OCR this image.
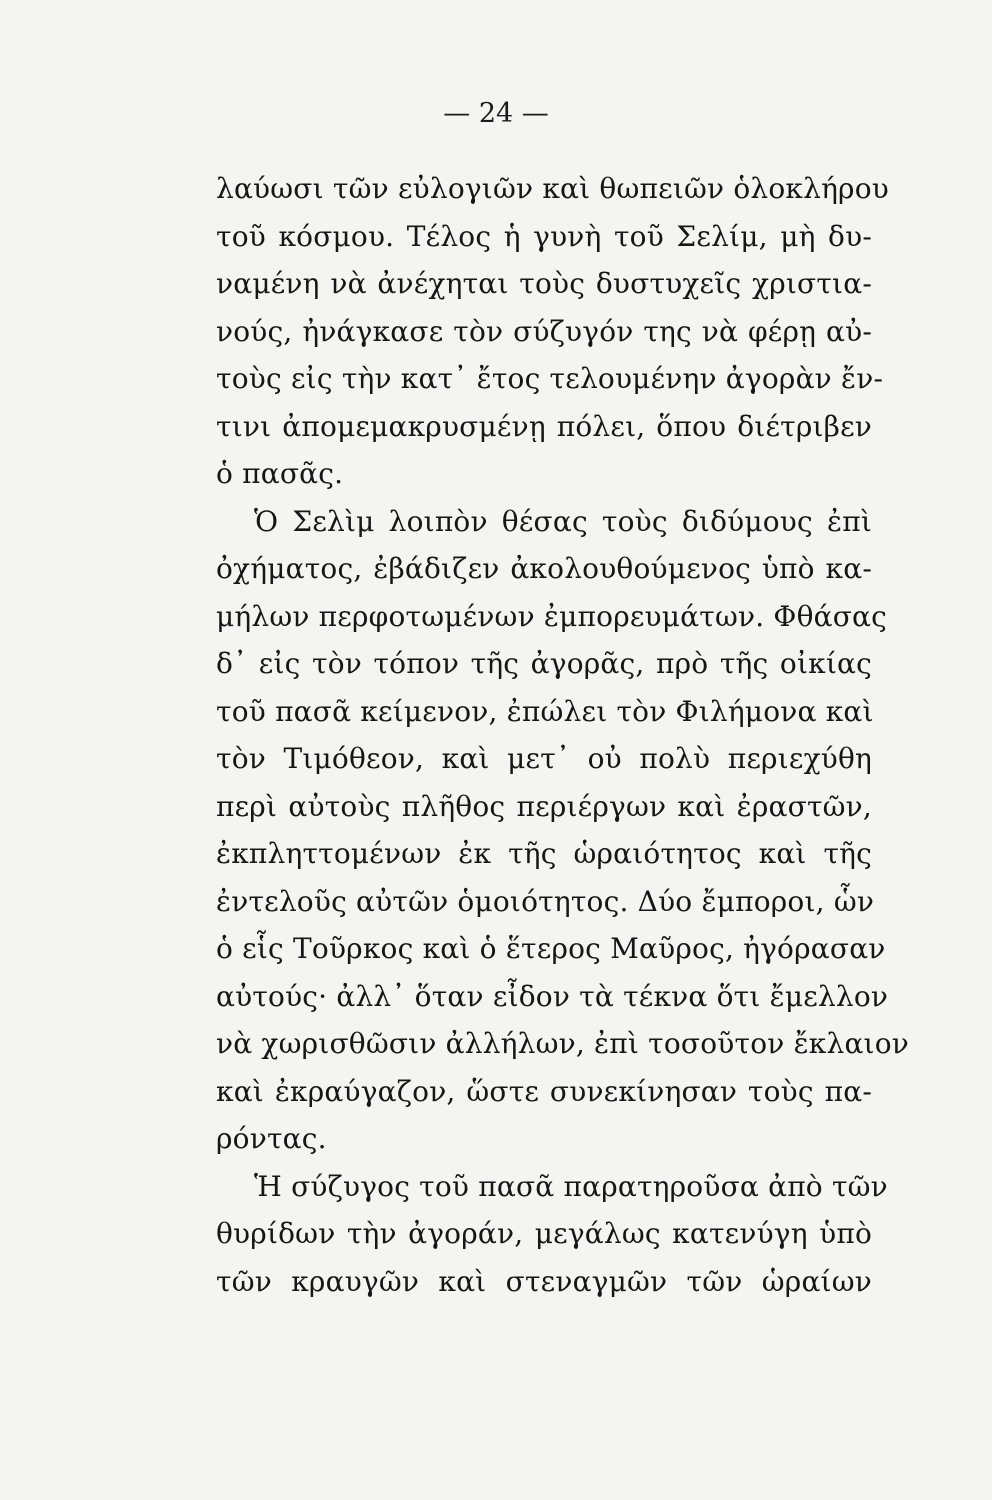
— 24 —
λαύωσι τῶν εὐλογιῶν καὶ θωπειῶν ὁλοκλήρου
τοῦ κόσμου. Τέλος ἡ γυνὴ τοῦ Σελίμ, μὴ δυ-
ναμένη νὰ ἀνέχηται τοὺς δυστυχεῖς χριστια-
νούς, ἠνάγκασε τὸν σύζυγόν της νὰ φέρῃ αὐ-
τοὺς εἰς τὴν κατ᾽ ἔτος τελουμένην ἀγορὰν ἔν-
τινι ἀπομεμακρυσμένῃ πόλει, ὅπου διέτριβεν
ὁ πασᾶς.
Ὁ Σελὶμ λοιπὸν θέσας τοὺς διδύμους ἐπὶ
ὀχήματος, ἐβάδιζεν ἀκολουθούμενος ὑπὸ κα-
μήλων περφοτωμένων ἐμπορευμάτων. Φθάσας
δ᾽ εἰς τὸν τόπον τῆς ἀγορᾶς, πρὸ τῆς οἰκίας
τοῦ πασᾶ κείμενον, ἐπώλει τὸν Φιλήμονα καὶ
τὸν Τιμόθεον, καὶ μετ᾽ οὐ πολὺ περιεχύθη
περὶ αὐτοὺς πλῆθος περιέργων καὶ ἐραστῶν,
ἐκπληττομένων ἐκ τῆς ὡραιότητος καὶ τῆς
ἐντελοῦς αὐτῶν ὁμοιότητος. Δύο ἔμποροι, ὧν
ὁ εἷς Τοῦρκος καὶ ὁ ἕτερος Μαῦρος, ἠγόρασαν
αὐτούς· ἀλλ᾽ ὅταν εἶδον τὰ τέκνα ὅτι ἔμελλον
νὰ χωρισθῶσιν ἀλλήλων, ἐπὶ τοσοῦτον ἔκλαιον
καὶ ἐκραύγαζον, ὥστε συνεκίνησαν τοὺς πα-
ρόντας.
Ἡ σύζυγος τοῦ πασᾶ παρατηροῦσα ἀπὸ τῶν
θυρίδων τὴν ἀγοράν, μεγάλως κατενύγη ὑπὸ
τῶν κραυγῶν καὶ στεναγμῶν τῶν ὡραίων
